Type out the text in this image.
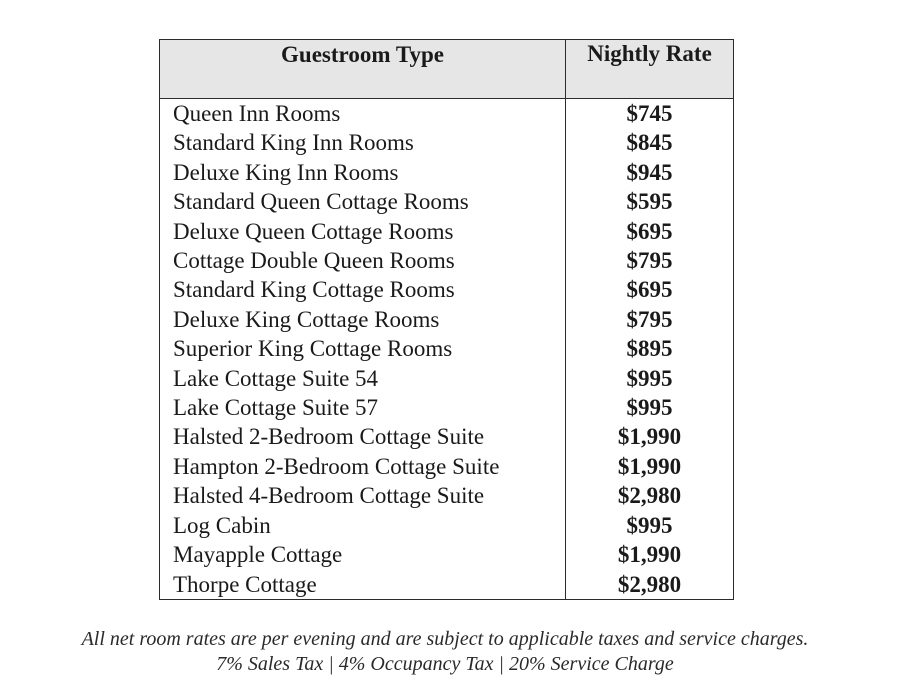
Guestroom Type	Nightly Rate
Queen Inn Rooms	$745
Standard King Inn Rooms	$845
Deluxe King Inn Rooms	$945
Standard Queen Cottage Rooms	$595
Deluxe Queen Cottage Rooms	$695
Cottage Double Queen Rooms	$795
Standard King Cottage Rooms	$695
Deluxe King Cottage Rooms	$795
Superior King Cottage Rooms	$895
Lake Cottage Suite 54	$995
Lake Cottage Suite 57	$995
Halsted 2-Bedroom Cottage Suite	$1,990
Hampton 2-Bedroom Cottage Suite	$1,990
Halsted 4-Bedroom Cottage Suite	$2,980
Log Cabin	$995
Mayapple Cottage	$1,990
Thorpe Cottage	$2,980
All net room rates are per evening and are subject to applicable taxes and service charges.
7% Sales Tax | 4% Occupancy Tax | 20% Service Charge
